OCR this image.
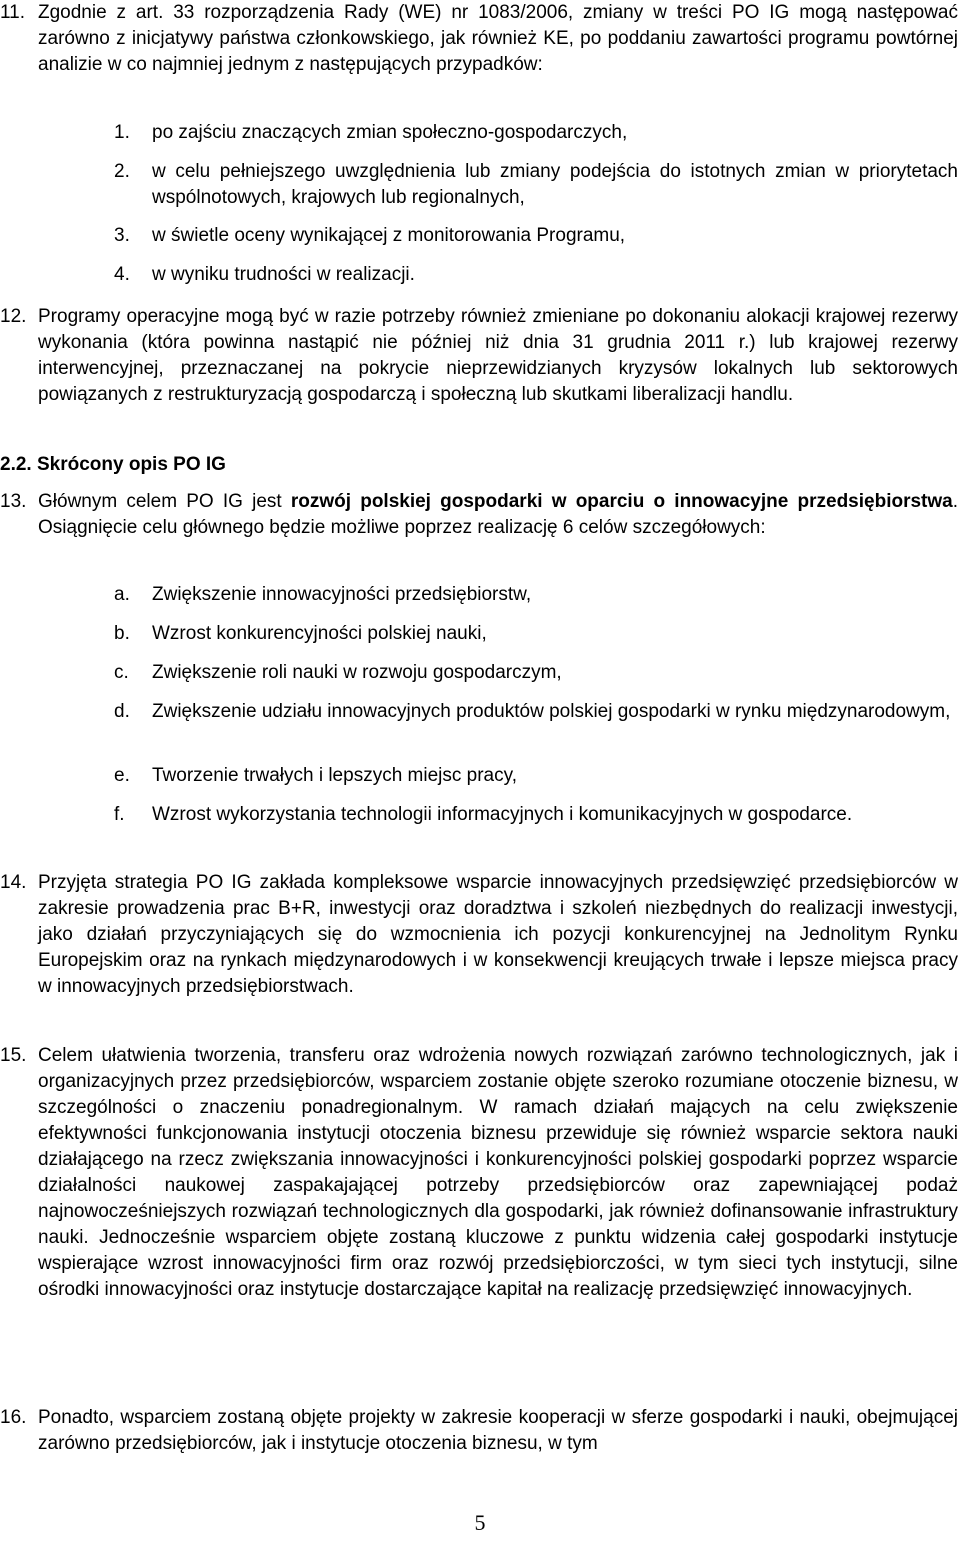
11. Zgodnie z art. 33 rozporządzenia Rady (WE) nr 1083/2006, zmiany w treści PO IG mogą następować zarówno z inicjatywy państwa członkowskiego, jak również KE, po poddaniu zawartości programu powtórnej analizie w co najmniej jednym z następujących przypadków:
1. po zajściu znaczących zmian społeczno-gospodarczych,
2. w celu pełniejszego uwzględnienia lub zmiany podejścia do istotnych zmian w priorytetach wspólnotowych, krajowych lub regionalnych,
3. w świetle oceny wynikającej z monitorowania Programu,
4. w wyniku trudności w realizacji.
12. Programy operacyjne mogą być w razie potrzeby również zmieniane po dokonaniu alokacji krajowej rezerwy wykonania (która powinna nastąpić nie później niż dnia 31 grudnia 2011 r.) lub krajowej rezerwy interwencyjnej, przeznaczanej na pokrycie nieprzewidzianych kryzysów lokalnych lub sektorowych powiązanych z restrukturyzacją gospodarczą i społeczną lub skutkami liberalizacji handlu.
2.2. Skrócony opis PO IG
13. Głównym celem PO IG jest rozwój polskiej gospodarki w oparciu o innowacyjne przedsiębiorstwa. Osiągnięcie celu głównego będzie możliwe poprzez realizację 6 celów szczegółowych:
a. Zwiększenie innowacyjności przedsiębiorstw,
b. Wzrost konkurencyjności polskiej nauki,
c. Zwiększenie roli nauki w rozwoju gospodarczym,
d. Zwiększenie udziału innowacyjnych produktów polskiej gospodarki w rynku międzynarodowym,
e. Tworzenie trwałych i lepszych miejsc pracy,
f. Wzrost wykorzystania technologii informacyjnych i komunikacyjnych w gospodarce.
14. Przyjęta strategia PO IG zakłada kompleksowe wsparcie innowacyjnych przedsięwzięć przedsiębiorców w zakresie prowadzenia prac B+R, inwestycji oraz doradztwa i szkoleń niezbędnych do realizacji inwestycji, jako działań przyczyniających się do wzmocnienia ich pozycji konkurencyjnej na Jednolitym Rynku Europejskim oraz na rynkach międzynarodowych i w konsekwencji kreujących trwałe i lepsze miejsca pracy w innowacyjnych przedsiębiorstwach.
15. Celem ułatwienia tworzenia, transferu oraz wdrożenia nowych rozwiązań zarówno technologicznych, jak i organizacyjnych przez przedsiębiorców, wsparciem zostanie objęte szeroko rozumiane otoczenie biznesu, w szczególności o znaczeniu ponadregionalnym. W ramach działań mających na celu zwiększenie efektywności funkcjonowania instytucji otoczenia biznesu przewiduje się również wsparcie sektora nauki działającego na rzecz zwiększania innowacyjności i konkurencyjności polskiej gospodarki poprzez wsparcie działalności naukowej zaspakajającej potrzeby przedsiębiorców oraz zapewniającej podaż najnowocześniejszych rozwiązań technologicznych dla gospodarki, jak również dofinansowanie infrastruktury nauki. Jednocześnie wsparciem objęte zostaną kluczowe z punktu widzenia całej gospodarki instytucje wspierające wzrost innowacyjności firm oraz rozwój przedsiębiorczości, w tym sieci tych instytucji, silne ośrodki innowacyjności oraz instytucje dostarczające kapitał na realizację przedsięwzięć innowacyjnych.
16. Ponadto, wsparciem zostaną objęte projekty w zakresie kooperacji w sferze gospodarki i nauki, obejmującej zarówno przedsiębiorców, jak i instytucje otoczenia biznesu, w tym
5
